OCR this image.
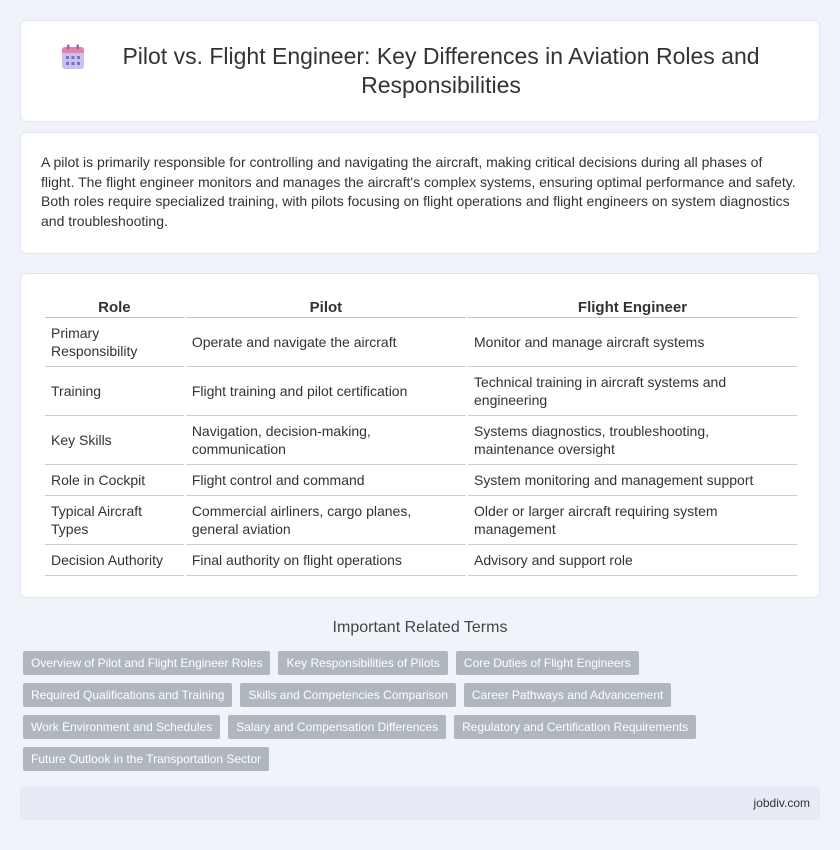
Pilot vs. Flight Engineer: Key Differences in Aviation Roles and Responsibilities

A pilot is primarily responsible for controlling and navigating the aircraft, making critical decisions during all phases of flight. The flight engineer monitors and manages the aircraft's complex systems, ensuring optimal performance and safety. Both roles require specialized training, with pilots focusing on flight operations and flight engineers on system diagnostics and troubleshooting.

Role	Pilot	Flight Engineer
Primary Responsibility	Operate and navigate the aircraft	Monitor and manage aircraft systems
Training	Flight training and pilot certification	Technical training in aircraft systems and engineering
Key Skills	Navigation, decision-making, communication	Systems diagnostics, troubleshooting, maintenance oversight
Role in Cockpit	Flight control and command	System monitoring and management support
Typical Aircraft Types	Commercial airliners, cargo planes, general aviation	Older or larger aircraft requiring system management
Decision Authority	Final authority on flight operations	Advisory and support role
Important Related Terms
Overview of Pilot and Flight Engineer Roles	Key Responsibilities of Pilots	Core Duties of Flight Engineers
Required Qualifications and Training	Skills and Competencies Comparison	Career Pathways and Advancement
Work Environment and Schedules	Salary and Compensation Differences	Regulatory and Certification Requirements
Future Outlook in the Transportation Sector
jobdiv.com
